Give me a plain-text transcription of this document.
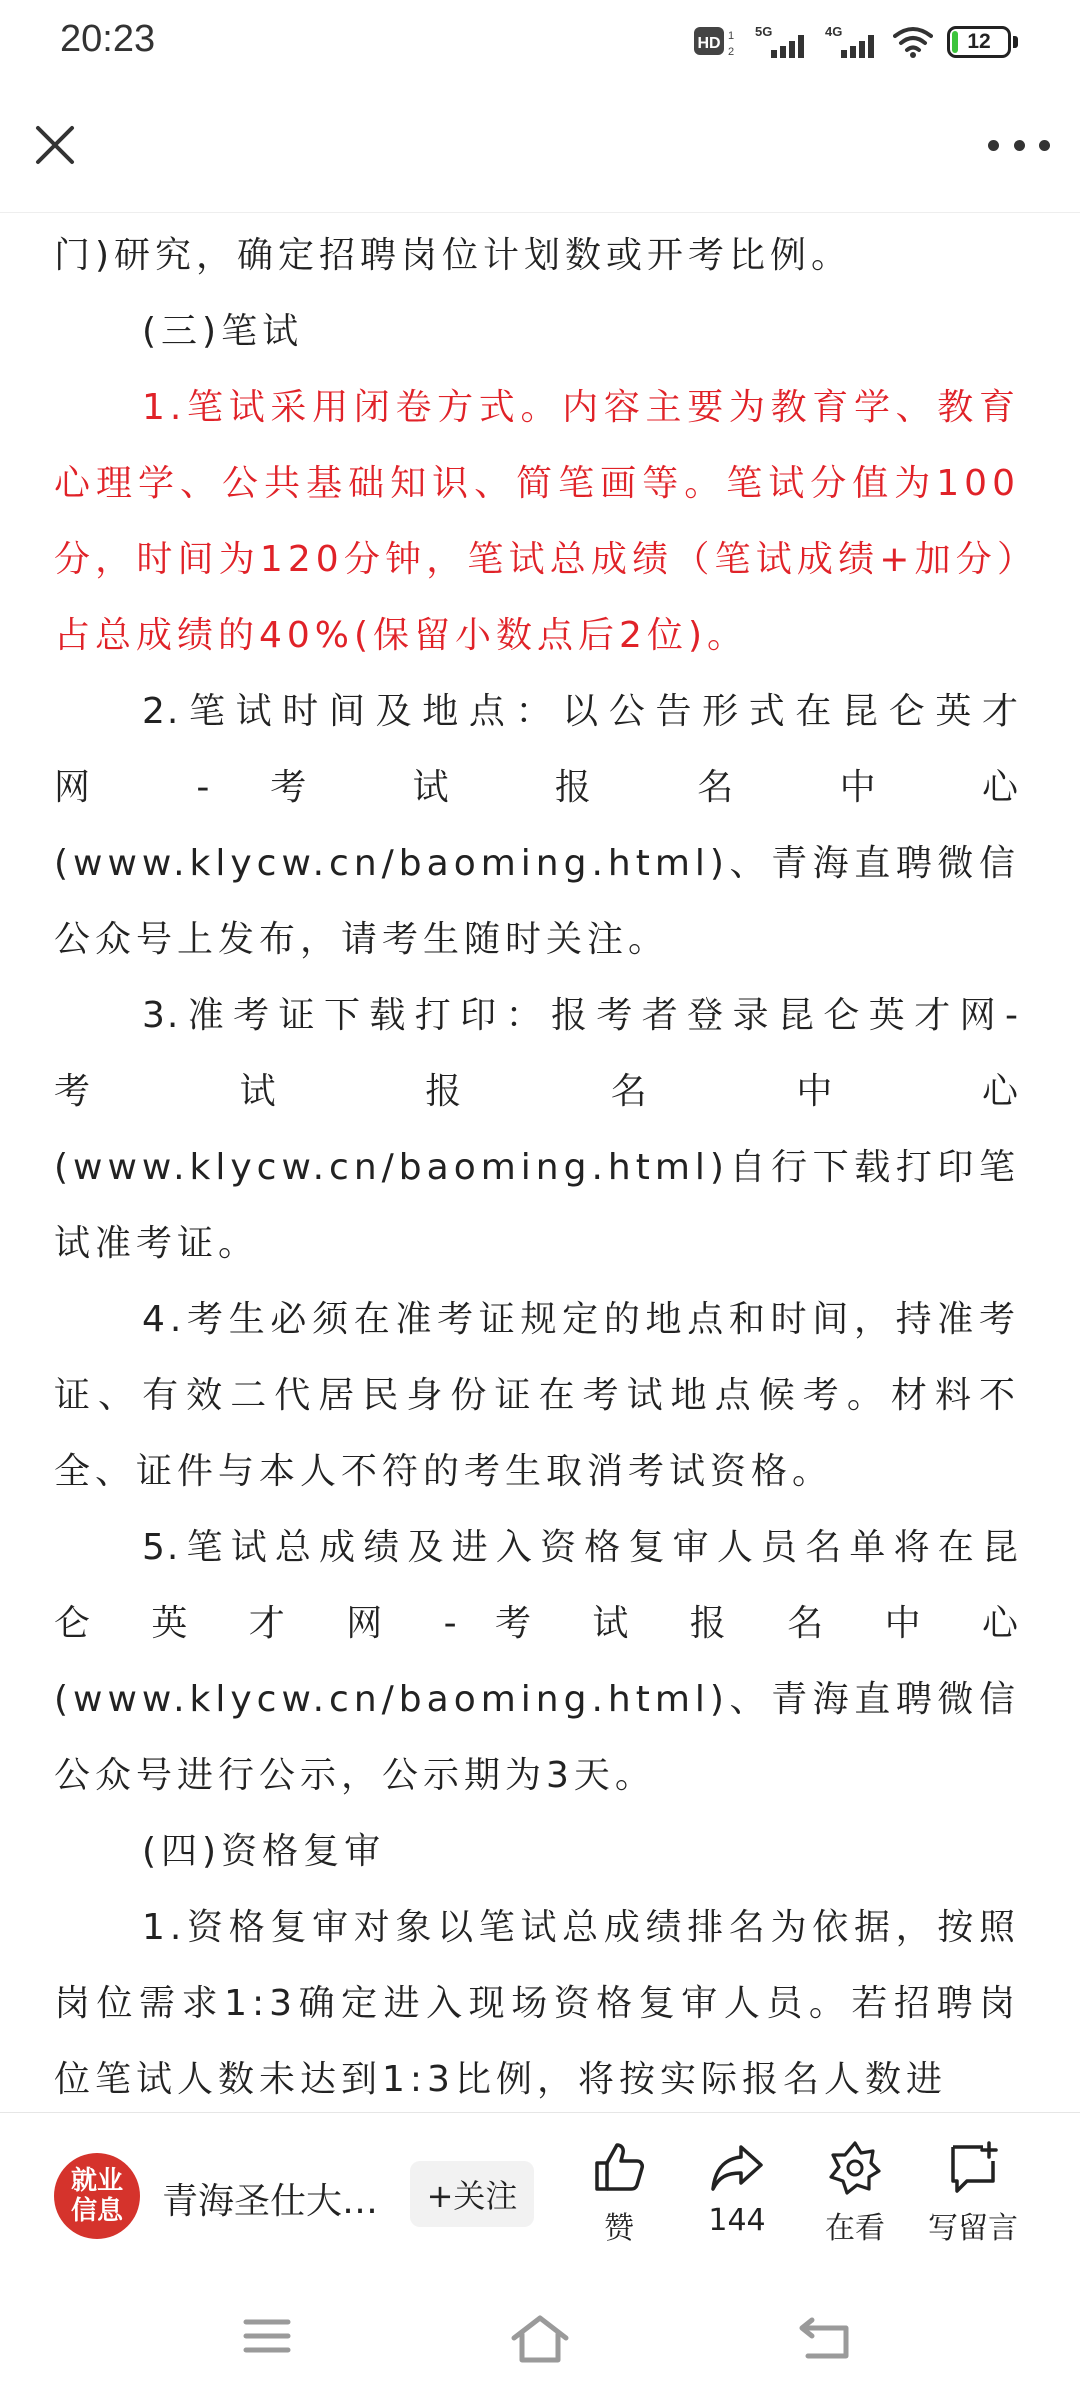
20:23	HD 1
2
5G	4G	12

门)研究，确定招聘岗位计划数或开考比例。

(三)笔试

1.笔试采用闭卷方式。内容主要为教育学、教育心理学、公共基础知识、简笔画等。笔试分值为100分，时间为120分钟，笔试总成绩（笔试成绩+加分）占总成绩的40%(保留小数点后2位)。

2.笔试时间及地点：以公告形式在昆仑英才

网 - 考 试 报 名 中 心

(www.klycw.cn/baoming.html)、青海直聘微信公众号上发布，请考生随时关注。

3.准考证下载打印：报考者登录昆仑英才网-

考 试 报 名 中 心

(www.klycw.cn/baoming.html)自行下载打印笔试准考证。

4.考生必须在准考证规定的地点和时间，持准考证、有效二代居民身份证在考试地点候考。材料不全、证件与本人不符的考生取消考试资格。

5.笔试总成绩及进入资格复审人员名单将在昆

仑 英 才 网 - 考 试 报 名 中 心

(www.klycw.cn/baoming.html)、青海直聘微信公众号进行公示，公示期为3天。

(四)资格复审

1.资格复审对象以笔试总成绩排名为依据，按照岗位需求1:3确定进入现场资格复审人员。若招聘岗位笔试人数未达到1:3比例，将按实际报名人数进

就业
信息 青海圣仕大…	+关注
赞 144 在看 写留言
